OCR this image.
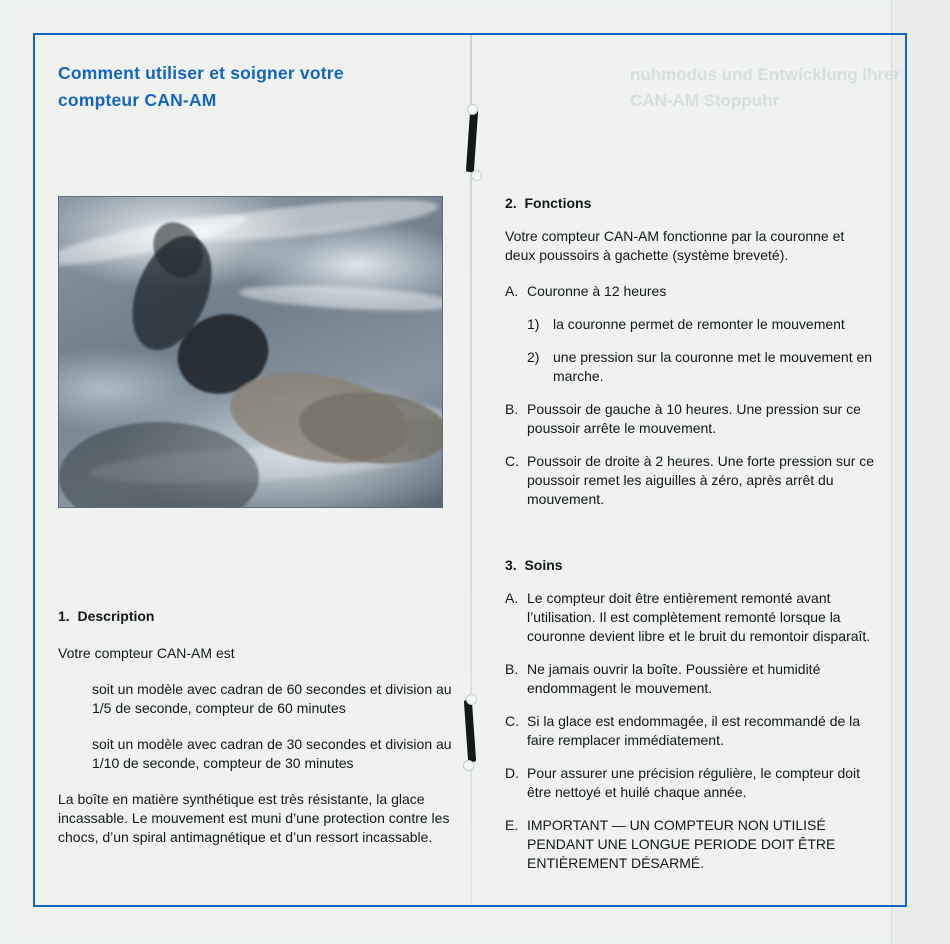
nuhmodus und Entwicklung Ihrer
CAN-AM Stoppuhr
Comment utiliser et soigner votre
compteur CAN-AM
1. Description

Votre compteur CAN-AM est

soit un modèle avec cadran de 60 secondes et division au 1/5 de seconde, compteur de 60 minutes

soit un modèle avec cadran de 30 secondes et division au 1/10 de seconde, compteur de 30 minutes

La boîte en matière synthétique est très résistante, la glace incassable. Le mouvement est muni d’une protection contre les chocs, d’un spiral antimagnétique et d’un ressort incassable.

2. Fonctions

Votre compteur CAN-AM fonctionne par la couronne et deux poussoirs à gachette (système breveté).

A. Couronne à 12 heures
1) la couronne permet de remonter le mouvement
2) une pression sur la couronne met le mouvement en marche.
B. Poussoir de gauche à 10 heures. Une pression sur ce poussoir arrête le mouvement.
C. Poussoir de droite à 2 heures. Une forte pression sur ce poussoir remet les aiguilles à zéro, après arrêt du mouvement.
3. Soins
A. Le compteur doit être entièrement remonté avant l’utilisation. Il est complètement remonté lorsque la couronne devient libre et le bruit du remontoir disparaît.
B. Ne jamais ouvrir la boîte. Poussière et humidité endommagent le mouvement.
C. Si la glace est endommagée, il est recommandé de la faire remplacer immédiatement.
D. Pour assurer une précision régulière, le compteur doit être nettoyé et huilé chaque année.
E. IMPORTANT — UN COMPTEUR NON UTILISÉ PENDANT UNE LONGUE PERIODE DOIT ÊTRE ENTIÈREMENT DÉSARMÉ.
